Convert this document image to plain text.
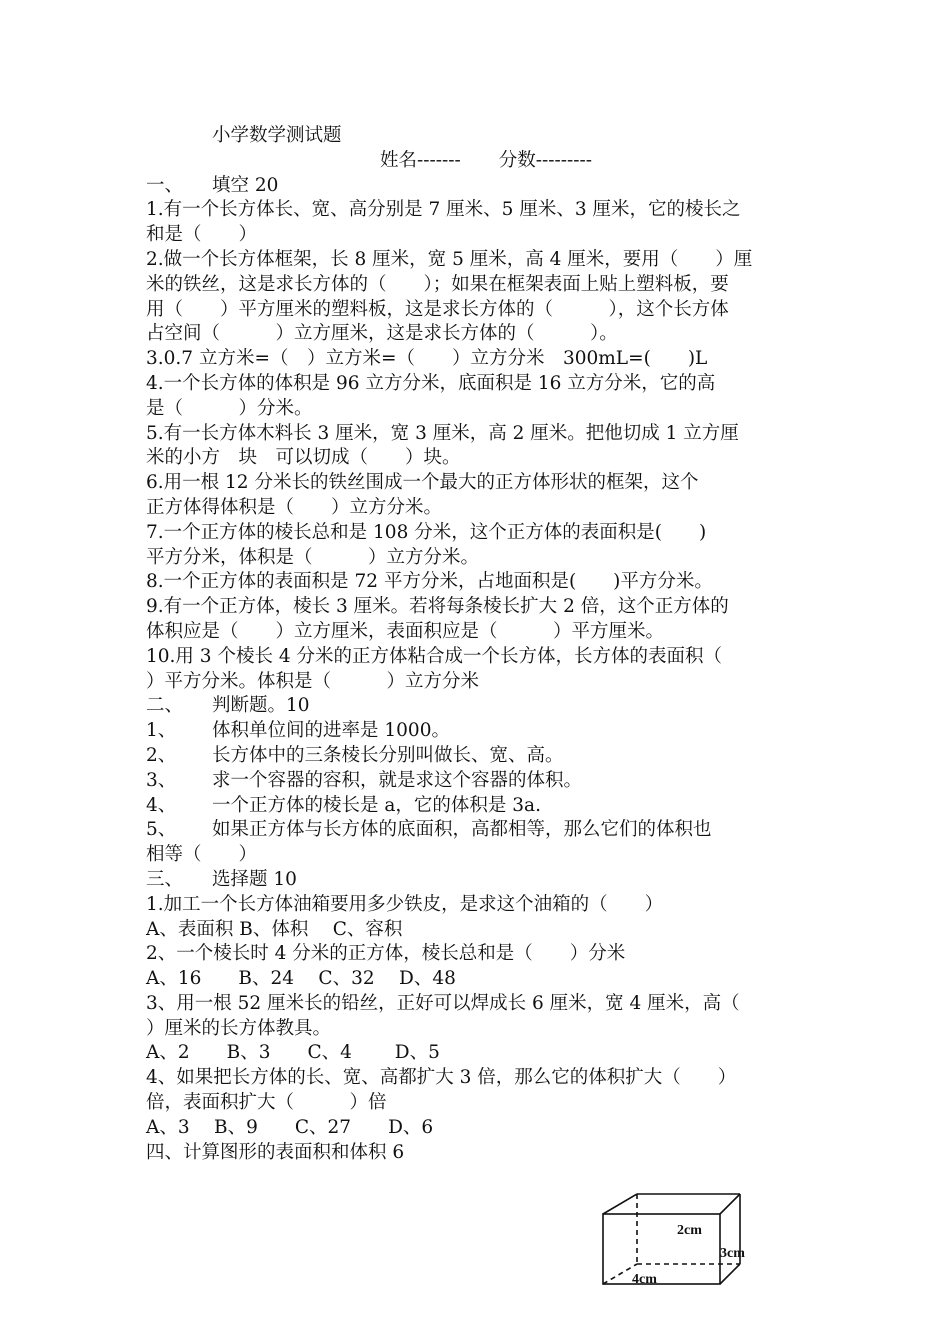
小学数学测试题
姓名------- 分数---------
一、 填空 20
1.有一个长方体长、宽、高分别是 7 厘米、5 厘米、3 厘米，它的棱长之
和是（　　）
2.做一个长方体框架，长 8 厘米，宽 5 厘米，高 4 厘米，要用（　　）厘
米的铁丝，这是求长方体的（　　）；如果在框架表面上贴上塑料板，要
用（　　）平方厘米的塑料板，这是求长方体的（　　　），这个长方体
占空间（　　　）立方厘米，这是求长方体的（　　　）。
3.0.7 立方米=（　）立方米=（　　）立方分米　300mL=(　　)L
4.一个长方体的体积是 96 立方分米，底面积是 16 立方分米，它的高
是（　　　）分米。
5.有一长方体木料长 3 厘米，宽 3 厘米，高 2 厘米。把他切成 1 立方厘
米的小方　块　可以切成（　　）块。
6.用一根 12 分米长的铁丝围成一个最大的正方体形状的框架，这个
正方体得体积是（　　）立方分米。
7.一个正方体的棱长总和是 108 分米，这个正方体的表面积是(　　)
平方分米，体积是（　　　）立方分米。
8.一个正方体的表面积是 72 平方分米，占地面积是(　　)平方分米。
9.有一个正方体，棱长 3 厘米。若将每条棱长扩大 2 倍，这个正方体的
体积应是（　　）立方厘米，表面积应是（　　　）平方厘米。
10.用 3 个棱长 4 分米的正方体粘合成一个长方体，长方体的表面积（
）平方分米。体积是（　　　）立方分米
二、 判断题。10
1、 体积单位间的进率是 1000。
2、 长方体中的三条棱长分别叫做长、宽、高。
3、 求一个容器的容积，就是求这个容器的体积。
4、 一个正方体的棱长是 a，它的体积是 3a.
5、 如果正方体与长方体的底面积，高都相等，那么它们的体积也
相等（　　）
三、 选择题 10
1.加工一个长方体油箱要用多少铁皮，是求这个油箱的（　　）
A、表面积 B、体积　 C、容积
2、一个棱长时 4 分米的正方体，棱长总和是（　　）分米
A、16　　B、24　 C、32　 D、48
3、用一根 52 厘米长的铅丝，正好可以焊成长 6 厘米，宽 4 厘米，高（
）厘米的长方体教具。
A、2　　B、3　　C、4　　 D、5
4、如果把长方体的长、宽、高都扩大 3 倍，那么它的体积扩大（　　）
倍，表面积扩大（　　　）倍
A、3　 B、9　　C、27　　D、6
四、计算图形的表面积和体积 6
2cm
3cm
4cm
